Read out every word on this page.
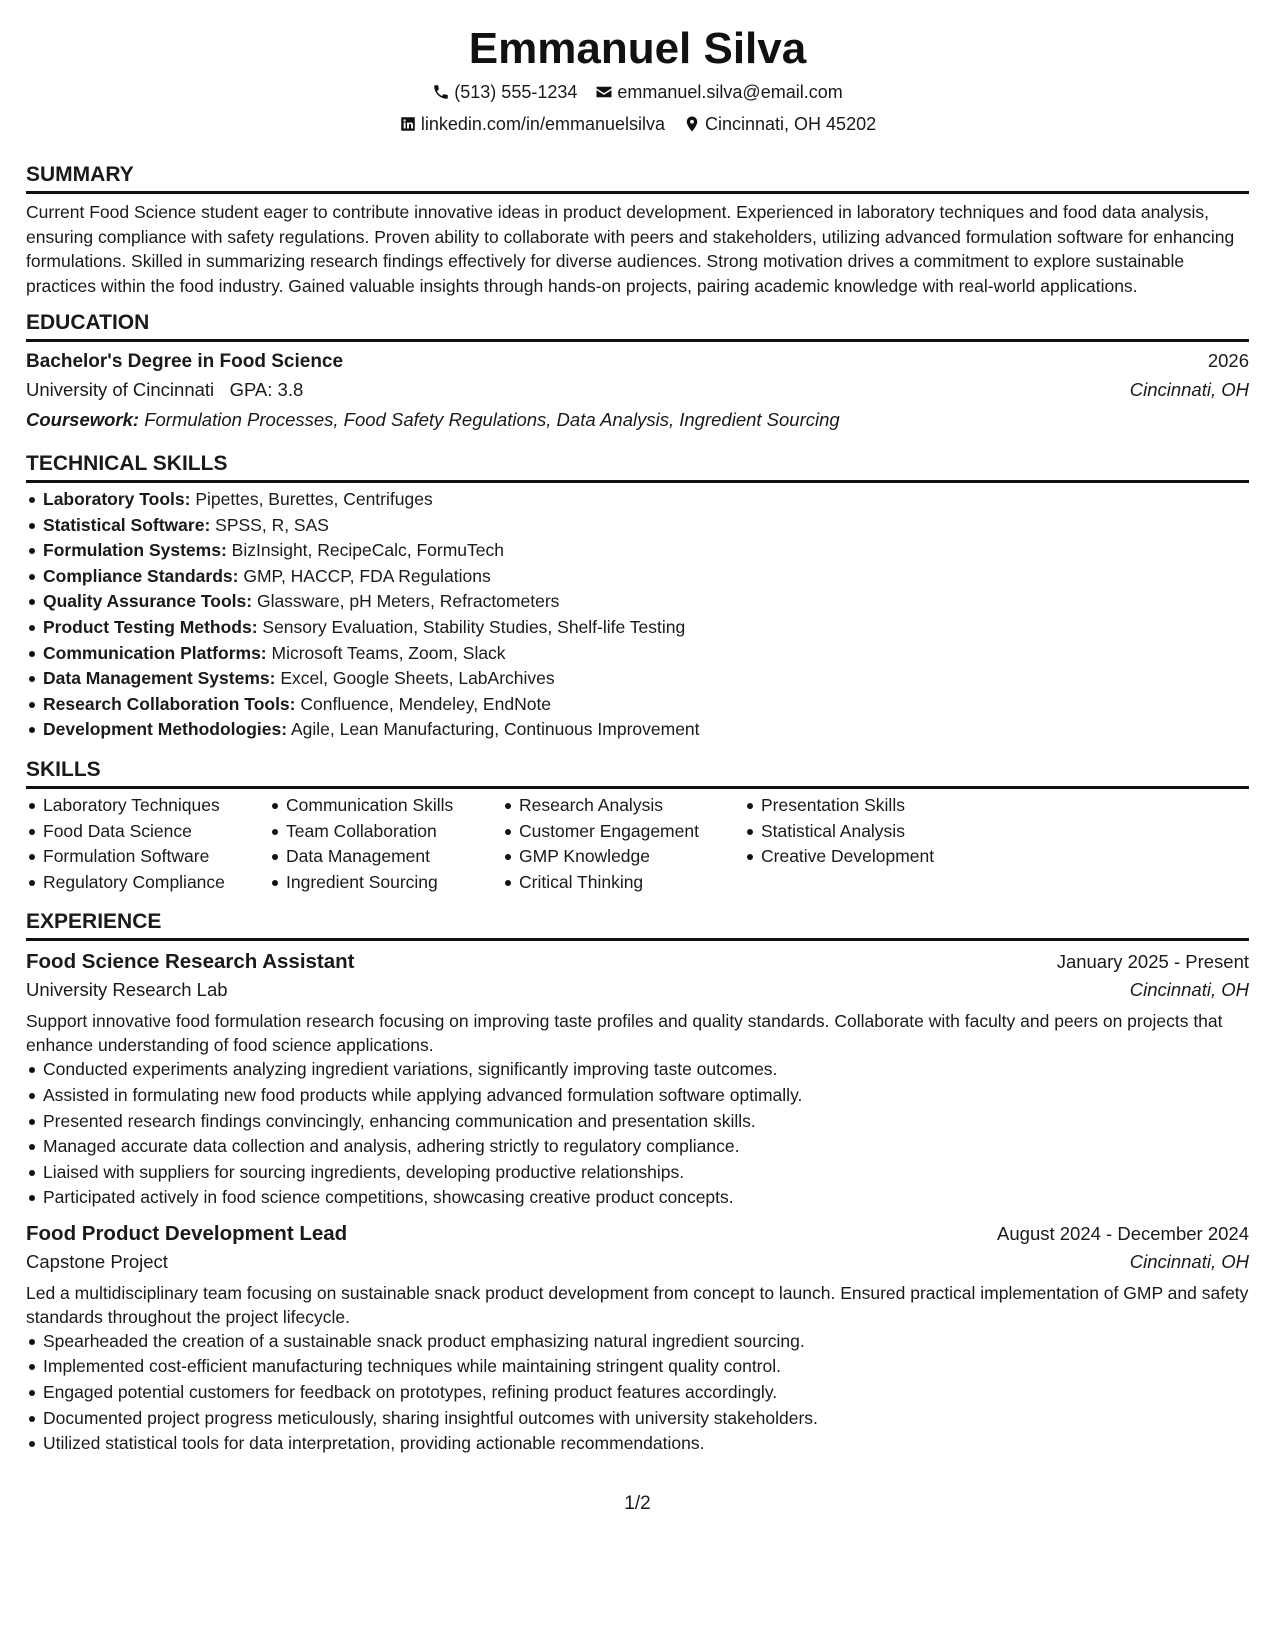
Emmanuel Silva
(513) 555-1234 emmanuel.silva@email.com
linkedin.com/in/emmanuelsilva Cincinnati, OH 45202
SUMMARY
Current Food Science student eager to contribute innovative ideas in product development. Experienced in laboratory techniques and food data analysis, ensuring compliance with safety regulations. Proven ability to collaborate with peers and stakeholders, utilizing advanced formulation software for enhancing formulations. Skilled in summarizing research findings effectively for diverse audiences. Strong motivation drives a commitment to explore sustainable practices within the food industry. Gained valuable insights through hands-on projects, pairing academic knowledge with real-world applications.
EDUCATION
Bachelor's Degree in Food Science	2026
University of Cincinnati GPA: 3.8	Cincinnati, OH
Coursework: Formulation Processes, Food Safety Regulations, Data Analysis, Ingredient Sourcing
TECHNICAL SKILLS
Laboratory Tools: Pipettes, Burettes, Centrifuges
Statistical Software: SPSS, R, SAS
Formulation Systems: BizInsight, RecipeCalc, FormuTech
Compliance Standards: GMP, HACCP, FDA Regulations
Quality Assurance Tools: Glassware, pH Meters, Refractometers
Product Testing Methods: Sensory Evaluation, Stability Studies, Shelf-life Testing
Communication Platforms: Microsoft Teams, Zoom, Slack
Data Management Systems: Excel, Google Sheets, LabArchives
Research Collaboration Tools: Confluence, Mendeley, EndNote
Development Methodologies: Agile, Lean Manufacturing, Continuous Improvement
SKILLS
Laboratory Techniques
Food Data Science
Formulation Software
Regulatory Compliance
Communication Skills
Team Collaboration
Data Management
Ingredient Sourcing
Research Analysis
Customer Engagement
GMP Knowledge
Critical Thinking
Presentation Skills
Statistical Analysis
Creative Development
EXPERIENCE
Food Science Research Assistant	January 2025 - Present
University Research Lab	Cincinnati, OH
Support innovative food formulation research focusing on improving taste profiles and quality standards. Collaborate with faculty and peers on projects that enhance understanding of food science applications.
Conducted experiments analyzing ingredient variations, significantly improving taste outcomes.
Assisted in formulating new food products while applying advanced formulation software optimally.
Presented research findings convincingly, enhancing communication and presentation skills.
Managed accurate data collection and analysis, adhering strictly to regulatory compliance.
Liaised with suppliers for sourcing ingredients, developing productive relationships.
Participated actively in food science competitions, showcasing creative product concepts.
Food Product Development Lead	August 2024 - December 2024
Capstone Project	Cincinnati, OH
Led a multidisciplinary team focusing on sustainable snack product development from concept to launch. Ensured practical implementation of GMP and safety standards throughout the project lifecycle.
Spearheaded the creation of a sustainable snack product emphasizing natural ingredient sourcing.
Implemented cost-efficient manufacturing techniques while maintaining stringent quality control.
Engaged potential customers for feedback on prototypes, refining product features accordingly.
Documented project progress meticulously, sharing insightful outcomes with university stakeholders.
Utilized statistical tools for data interpretation, providing actionable recommendations.
1/2
